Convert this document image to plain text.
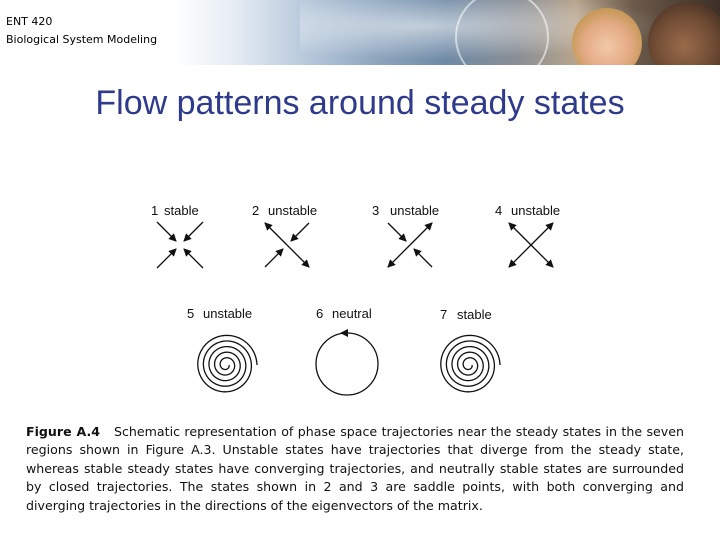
ENT 420
Biological System Modeling
Flow patterns around steady states
1 stable	2 unstable	3 unstable	4 unstable
5 unstable	6 neutral	7 stable
Figure A.4 Schematic representation of phase space trajectories near the steady states in the seven regions shown in Figure A.3. Unstable states have trajectories that diverge from the steady state, whereas stable steady states have converging trajectories, and neutrally stable states are surrounded by closed trajectories. The states shown in 2 and 3 are saddle points, with both converging and diverging trajectories in the directions of the eigenvectors of the matrix.
